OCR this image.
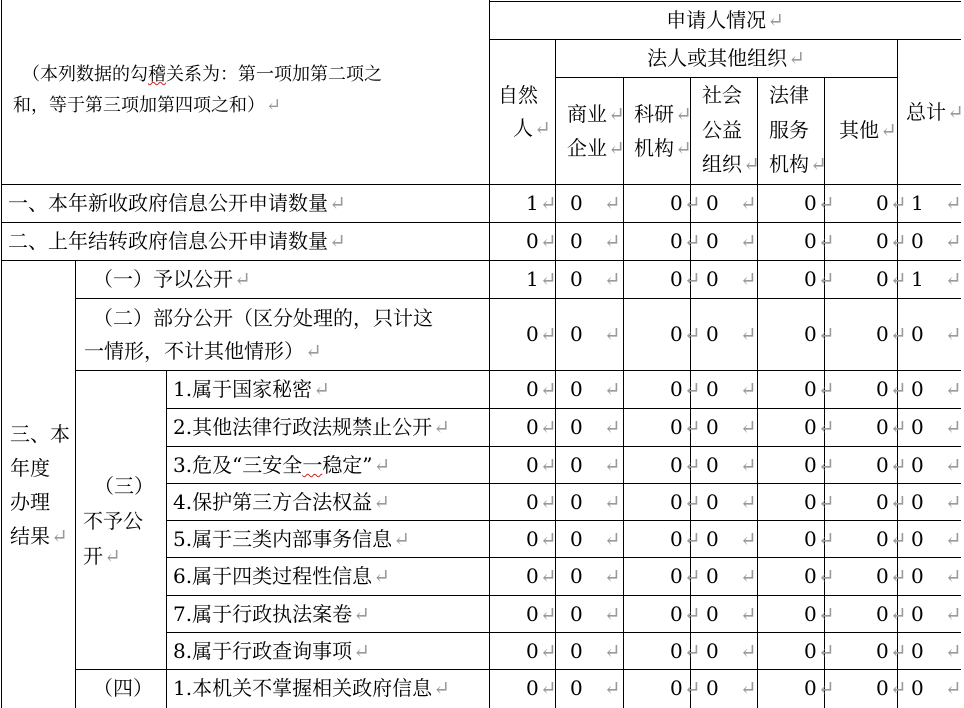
申请人情况↵
法人或其他组织↵
（本列数据的勾稽关系为：第一项加第二项之
和，等于第三项加第四项之和）↵	自然
人↵
商业↵
企业↵
科研↵
机构↵
社会
公益
组织↵
法律
服务
机构↵
其他↵
总计↵
一、本年新收政府信息公开申请数量↵
二、上年结转政府信息公开申请数量↵
（一）予以公开↵
（二）部分公开（区分处理的，只计这
一情形，不计其他情形）↵
三、本
年度
办理
结果↵
（三）
不予公
开↵
1.属于国家秘密↵
2.其他法律行政法规禁止公开↵
3.危及“三安全一稳定”↵
4.保护第三方合法权益↵
5.属于三类内部事务信息↵
6.属于四类过程性信息↵
7.属于行政执法案卷↵
8.属于行政查询事项↵
（四） 1.本机关不掌握相关政府信息↵
1↵ 0 ↵ 0↵ 0 ↵ 0↵ 0↵ 1 ↵
0↵ 0 ↵ 0↵ 0 ↵ 0↵ 0↵ 0 ↵
1↵ 0 ↵ 0↵ 0 ↵ 0↵ 0↵ 1 ↵
0↵ 0 ↵ 0↵ 0 ↵ 0↵ 0↵ 0 ↵
0↵ 0 ↵ 0↵ 0 ↵ 0↵ 0↵ 0 ↵
0↵ 0 ↵ 0↵ 0 ↵ 0↵ 0↵ 0 ↵
0↵ 0 ↵ 0↵ 0 ↵ 0↵ 0↵ 0 ↵
0↵ 0 ↵ 0↵ 0 ↵ 0↵ 0↵ 0 ↵
0↵ 0 ↵ 0↵ 0 ↵ 0↵ 0↵ 0 ↵
0↵ 0 ↵ 0↵ 0 ↵ 0↵ 0↵ 0 ↵
0↵ 0 ↵ 0↵ 0 ↵ 0↵ 0↵ 0 ↵
0↵ 0 ↵ 0↵ 0 ↵ 0↵ 0↵ 0 ↵
0↵ 0 ↵ 0↵ 0 ↵ 0↵ 0↵ 0 ↵
